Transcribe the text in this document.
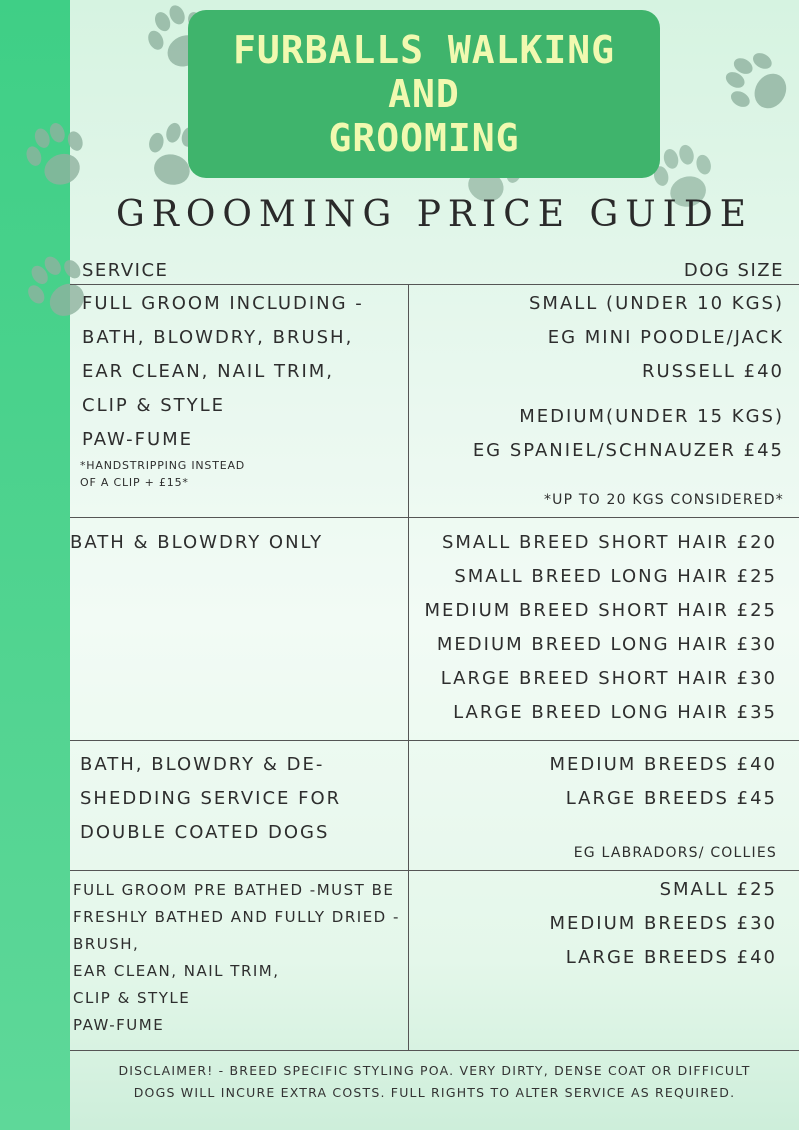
FURBALLS WALKING
AND
GROOMING
GROOMING PRICE GUIDE
SERVICE	DOG SIZE
FULL GROOM INCLUDING -
BATH, BLOWDRY, BRUSH,
EAR CLEAN, NAIL TRIM,
CLIP & STYLE
PAW-FUME
*HANDSTRIPPING INSTEAD
OF A CLIP + £15*
SMALL (UNDER 10 KGS)
EG MINI POODLE/JACK
RUSSELL £40
MEDIUM(UNDER 15 KGS)
EG SPANIEL/SCHNAUZER £45
*UP TO 20 KGS CONSIDERED*
BATH & BLOWDRY ONLY	SMALL BREED SHORT HAIR £20
SMALL BREED LONG HAIR £25
MEDIUM BREED SHORT HAIR £25
MEDIUM BREED LONG HAIR £30
LARGE BREED SHORT HAIR £30
LARGE BREED LONG HAIR £35
BATH, BLOWDRY & DE-
SHEDDING SERVICE FOR
DOUBLE COATED DOGS
MEDIUM BREEDS £40
LARGE BREEDS £45
EG LABRADORS/ COLLIES
FULL GROOM PRE BATHED -MUST BE
FRESHLY BATHED AND FULLY DRIED -
BRUSH,
EAR CLEAN, NAIL TRIM,
CLIP & STYLE
PAW-FUME
SMALL £25
MEDIUM BREEDS £30
LARGE BREEDS £40
DISCLAIMER! - BREED SPECIFIC STYLING POA. VERY DIRTY, DENSE COAT OR DIFFICULT
DOGS WILL INCURE EXTRA COSTS. FULL RIGHTS TO ALTER SERVICE AS REQUIRED.
